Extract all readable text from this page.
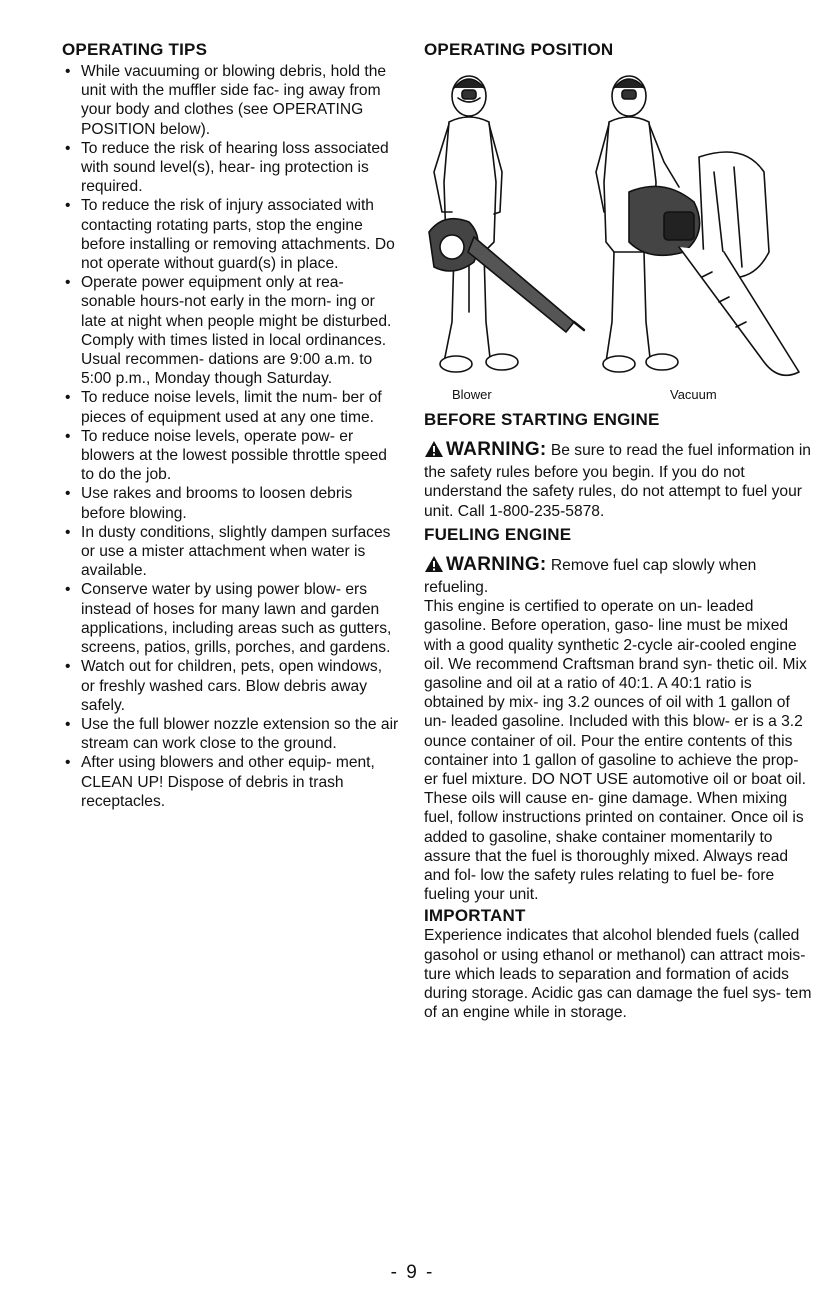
OPERATING TIPS
• While vacuuming or blowing debris, hold the unit with the muffler side fac- ing away from your body and clothes (see OPERATING POSITION below).
• To reduce the risk of hearing loss associated with sound level(s), hear- ing protection is required.
• To reduce the risk of injury associated with contacting rotating parts, stop the engine before installing or removing attachments. Do not operate without guard(s) in place.
• Operate power equipment only at rea- sonable hours-not early in the morn- ing or late at night when people might be disturbed. Comply with times listed in local ordinances. Usual recommen- dations are 9:00 a.m. to 5:00 p.m., Monday though Saturday.
• To reduce noise levels, limit the num- ber of pieces of equipment used at any one time.
• To reduce noise levels, operate pow- er blowers at the lowest possible throttle speed to do the job.
• Use rakes and brooms to loosen debris before blowing.
• In dusty conditions, slightly dampen surfaces or use a mister attachment when water is available.
• Conserve water by using power blow- ers instead of hoses for many lawn and garden applications, including areas such as gutters, screens, patios, grills, porches, and gardens.
• Watch out for children, pets, open windows, or freshly washed cars. Blow debris away safely.
• Use the full blower nozzle extension so the air stream can work close to the ground.
• After using blowers and other equip- ment, CLEAN UP! Dispose of debris in trash receptacles.
OPERATING POSITION
Blower	Vacuum
BEFORE STARTING ENGINE

WARNING: Be sure to read the fuel information in the safety rules before you begin. If you do not understand the safety rules, do not attempt to fuel your unit. Call 1-800-235-5878.

FUELING ENGINE

WARNING: Remove fuel cap slowly when refueling.

This engine is certified to operate on un- leaded gasoline. Before operation, gaso- line must be mixed with a good quality synthetic 2-cycle air-cooled engine oil. We recommend Craftsman brand syn- thetic oil. Mix gasoline and oil at a ratio of 40:1. A 40:1 ratio is obtained by mix- ing 3.2 ounces of oil with 1 gallon of un- leaded gasoline. Included with this blow- er is a 3.2 ounce container of oil. Pour the entire contents of this container into 1 gallon of gasoline to achieve the prop- er fuel mixture. DO NOT USE automotive oil or boat oil. These oils will cause en- gine damage. When mixing fuel, follow instructions printed on container. Once oil is added to gasoline, shake container momentarily to assure that the fuel is thoroughly mixed. Always read and fol- low the safety rules relating to fuel be- fore fueling your unit.

IMPORTANT

Experience indicates that alcohol blended fuels (called gasohol or using ethanol or methanol) can attract mois- ture which leads to separation and formation of acids during storage. Acidic gas can damage the fuel sys- tem of an engine while in storage.

- 9 -
